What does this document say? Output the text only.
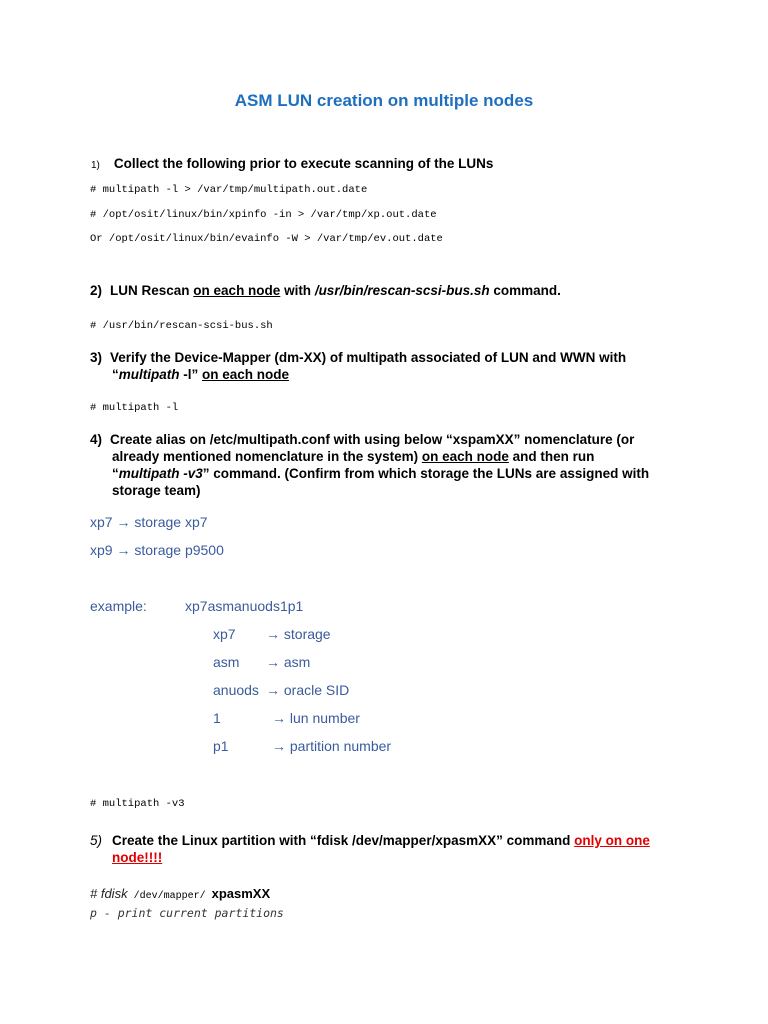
ASM LUN creation on multiple nodes
1) Collect the following prior to execute scanning of the LUNs
# multipath -l > /var/tmp/multipath.out.date
# /opt/osit/linux/bin/xpinfo -in > /var/tmp/xp.out.date
Or /opt/osit/linux/bin/evainfo -W > /var/tmp/ev.out.date
2) LUN Rescan on each node with /usr/bin/rescan-scsi-bus.sh command.
# /usr/bin/rescan-scsi-bus.sh
3) Verify the Device-Mapper (dm-XX) of multipath associated of LUN and WWN with
“multipath -l” on each node
# multipath -l
4) Create alias on /etc/multipath.conf with using below “xspamXX” nomenclature (or
already mentioned nomenclature in the system) on each node and then run
“multipath -v3” command. (Confirm from which storage the LUNs are assigned with
storage team)
xp7 → storage xp7
xp9 → storage p9500
example:	xp7asmanuods1p1
xp7 → storage
asm → asm
anuods → oracle SID
1	→ lun number
p1	→ partition number
# multipath -v3
5) Create the Linux partition with “fdisk /dev/mapper/xpasmXX” command only on one
node!!!!
# fdisk /dev/mapper/ xpasmXX
p - print current partitions
